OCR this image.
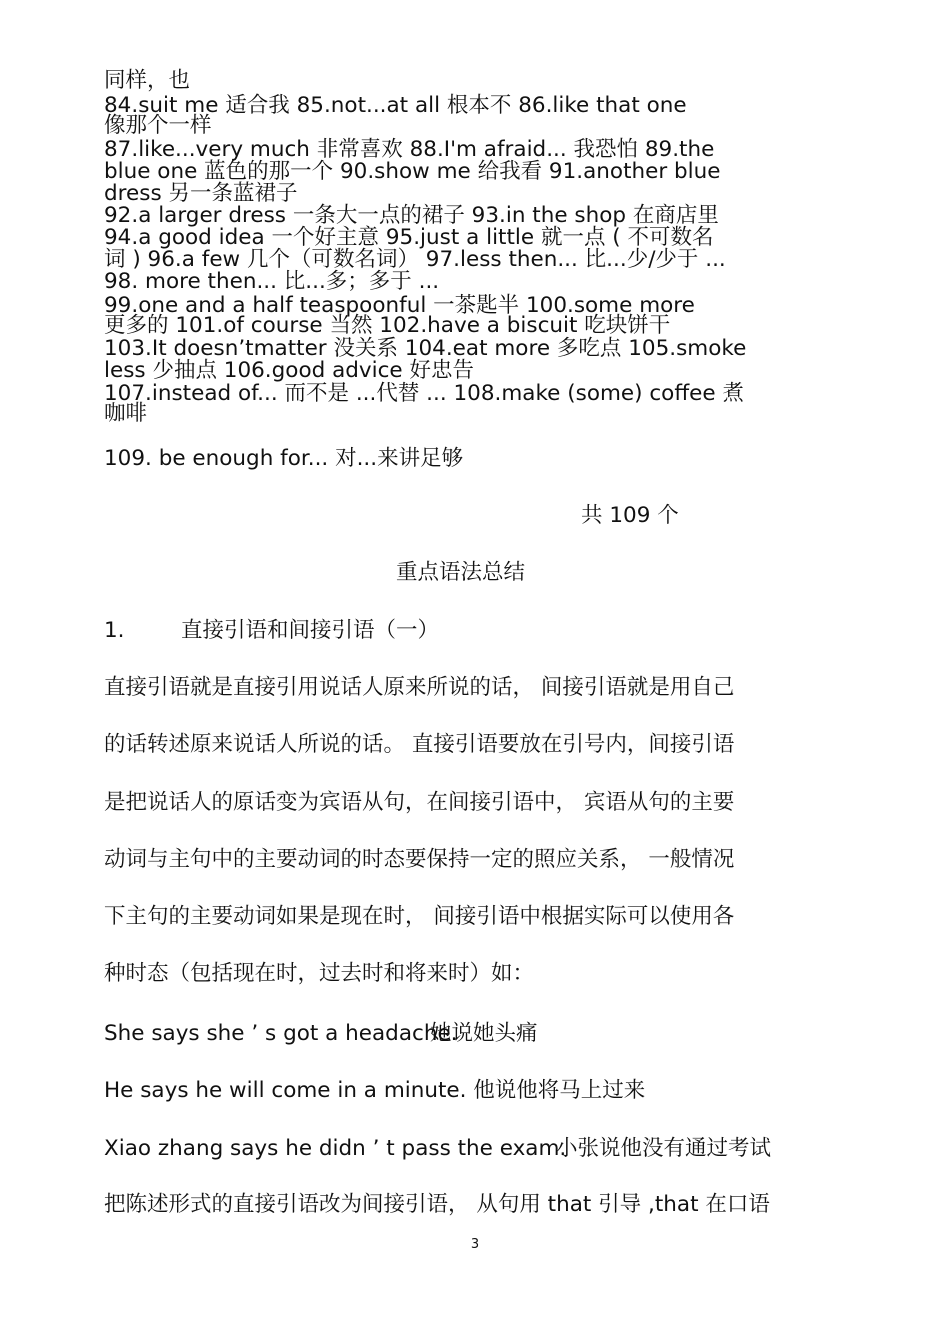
同样，也
84.suit me 适合我 85.not...at all 根本不 86.like that one
像那个一样
87.like...very much 非常喜欢 88.I'm afraid... 我恐怕 89.the
blue one 蓝色的那一个 90.show me 给我看 91.another blue
dress 另一条蓝裙子
92.a larger dress 一条大一点的裙子 93.in the shop 在商店里
94.a good idea 一个好主意 95.just a little 就一点 ( 不可数名
词 ) 96.a few 几个（可数名词） 97.less then... 比...少/少于 ...
98. more then... 比...多；多于 ...
99.one and a half teaspoonful 一茶匙半 100.some more
更多的 101.of course 当然 102.have a biscuit 吃块饼干
103.It doesn’tmatter 没关系 104.eat more 多吃点 105.smoke
less 少抽点 106.good advice 好忠告
107.instead of... 而不是 ...代替 ... 108.make (some) coffee 煮
咖啡
109. be enough for... 对...来讲足够
共 109 个
重点语法总结
1.	直接引语和间接引语（一）
直接引语就是直接引用说话人原来所说的话， 间接引语就是用自己
的话转述原来说话人所说的话。 直接引语要放在引号内，间接引语
是把说话人的原话变为宾语从句，在间接引语中， 宾语从句的主要
动词与主句中的主要动词的时态要保持一定的照应关系， 一般情况
下主句的主要动词如果是现在时， 间接引语中根据实际可以使用各
种时态（包括现在时，过去时和将来时）如：
She says she ’ s got a headache.
她说她头痛
He says he will come in a minute. 他说他将马上过来
Xiao zhang says he didn ’ t pass the exam.
小张说他没有通过考试
把陈述形式的直接引语改为间接引语， 从句用 that 引导 ,that 在口语
3
